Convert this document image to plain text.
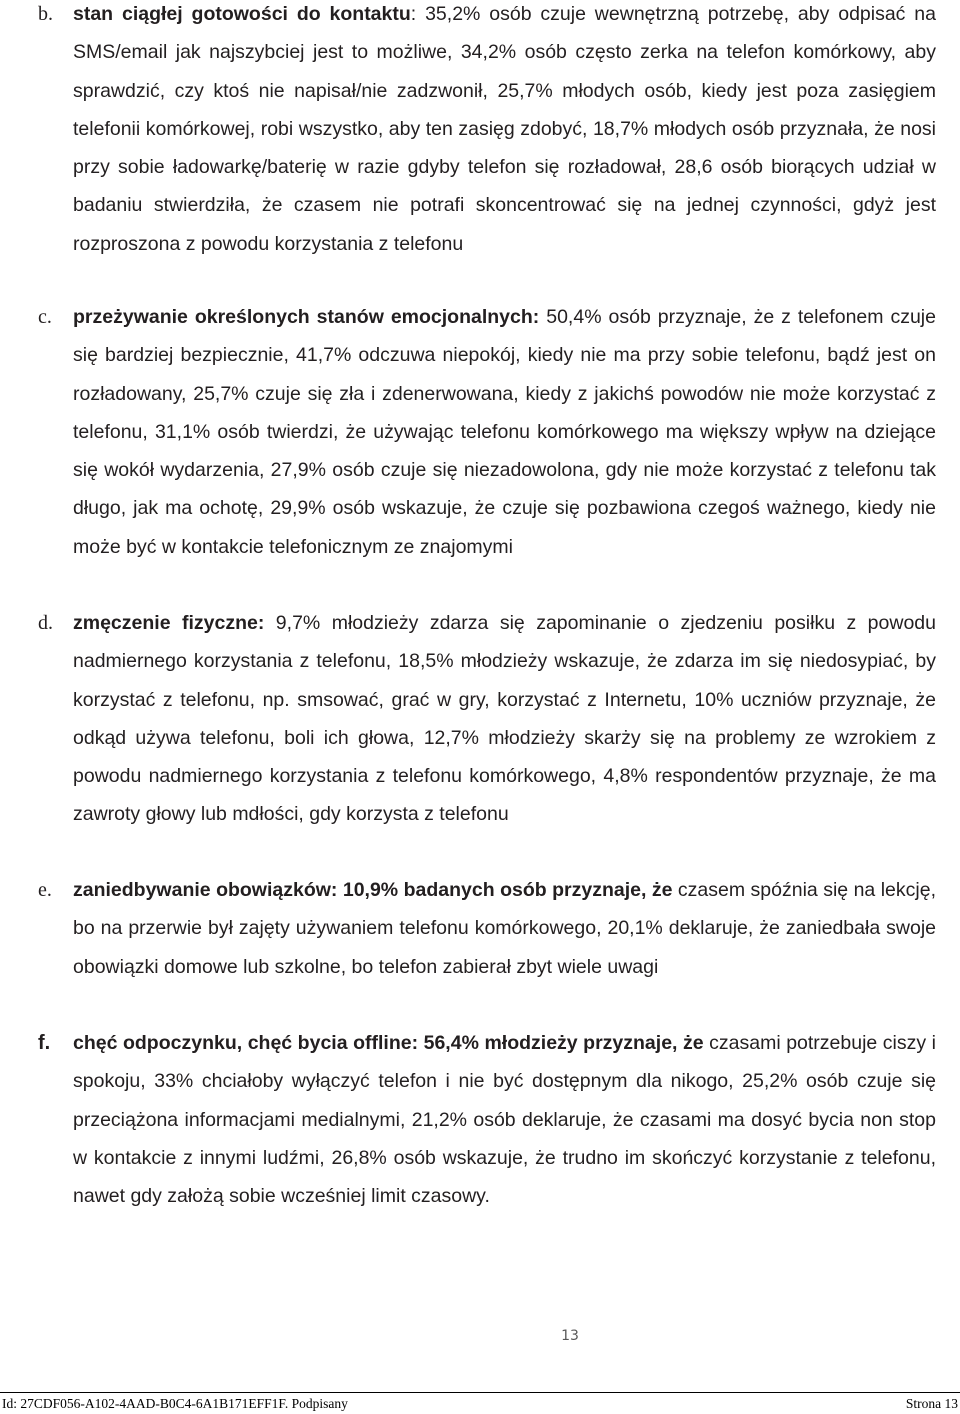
b. stan ciągłej gotowości do kontaktu: 35,2% osób czuje wewnętrzną potrzebę, aby odpisać na SMS/email jak najszybciej jest to możliwe, 34,2% osób często zerka na telefon komórkowy, aby sprawdzić, czy ktoś nie napisał/nie zadzwonił, 25,7% młodych osób, kiedy jest poza zasięgiem telefonii komórkowej, robi wszystko, aby ten zasięg zdobyć, 18,7% młodych osób przyznała, że nosi przy sobie ładowarkę/baterię w razie gdyby telefon się rozładował, 28,6 osób biorących udział w badaniu stwierdziła, że czasem nie potrafi skoncentrować się na jednej czynności, gdyż jest rozproszona z powodu korzystania z telefonu
c. przeżywanie określonych stanów emocjonalnych: 50,4% osób przyznaje, że z telefonem czuje się bardziej bezpiecznie, 41,7% odczuwa niepokój, kiedy nie ma przy sobie telefonu, bądź jest on rozładowany, 25,7% czuje się zła i zdenerwowana, kiedy z jakichś powodów nie może korzystać z telefonu, 31,1% osób twierdzi, że używając telefonu komórkowego ma większy wpływ na dziejące się wokół wydarzenia, 27,9% osób czuje się niezadowolona, gdy nie może korzystać z telefonu tak długo, jak ma ochotę, 29,9% osób wskazuje, że czuje się pozbawiona czegoś ważnego, kiedy nie może być w kontakcie telefonicznym ze znajomymi
d. zmęczenie fizyczne: 9,7% młodzieży zdarza się zapominanie o zjedzeniu posiłku z powodu nadmiernego korzystania z telefonu, 18,5% młodzieży wskazuje, że zdarza im się niedosypiać, by korzystać z telefonu, np. smsować, grać w gry, korzystać z Internetu, 10% uczniów przyznaje, że odkąd używa telefonu, boli ich głowa, 12,7% młodzieży skarży się na problemy ze wzrokiem z powodu nadmiernego korzystania z telefonu komórkowego, 4,8% respondentów przyznaje, że ma zawroty głowy lub mdłości, gdy korzysta z telefonu
e. zaniedbywanie obowiązków: 10,9% badanych osób przyznaje, że czasem spóźnia się na lekcję, bo na przerwie był zajęty używaniem telefonu komórkowego, 20,1% deklaruje, że zaniedbała swoje obowiązki domowe lub szkolne, bo telefon zabierał zbyt wiele uwagi
f. chęć odpoczynku, chęć bycia offline: 56,4% młodzieży przyznaje, że czasami potrzebuje ciszy i spokoju, 33% chciałoby wyłączyć telefon i nie być dostępnym dla nikogo, 25,2% osób czuje się przeciążona informacjami medialnymi, 21,2% osób deklaruje, że czasami ma dosyć bycia non stop w kontakcie z innymi ludźmi, 26,8% osób wskazuje, że trudno im skończyć korzystanie z telefonu, nawet gdy założą sobie wcześniej limit czasowy.
13
Id: 27CDF056-A102-4AAD-B0C4-6A1B171EFF1F. Podpisany	Strona 13
